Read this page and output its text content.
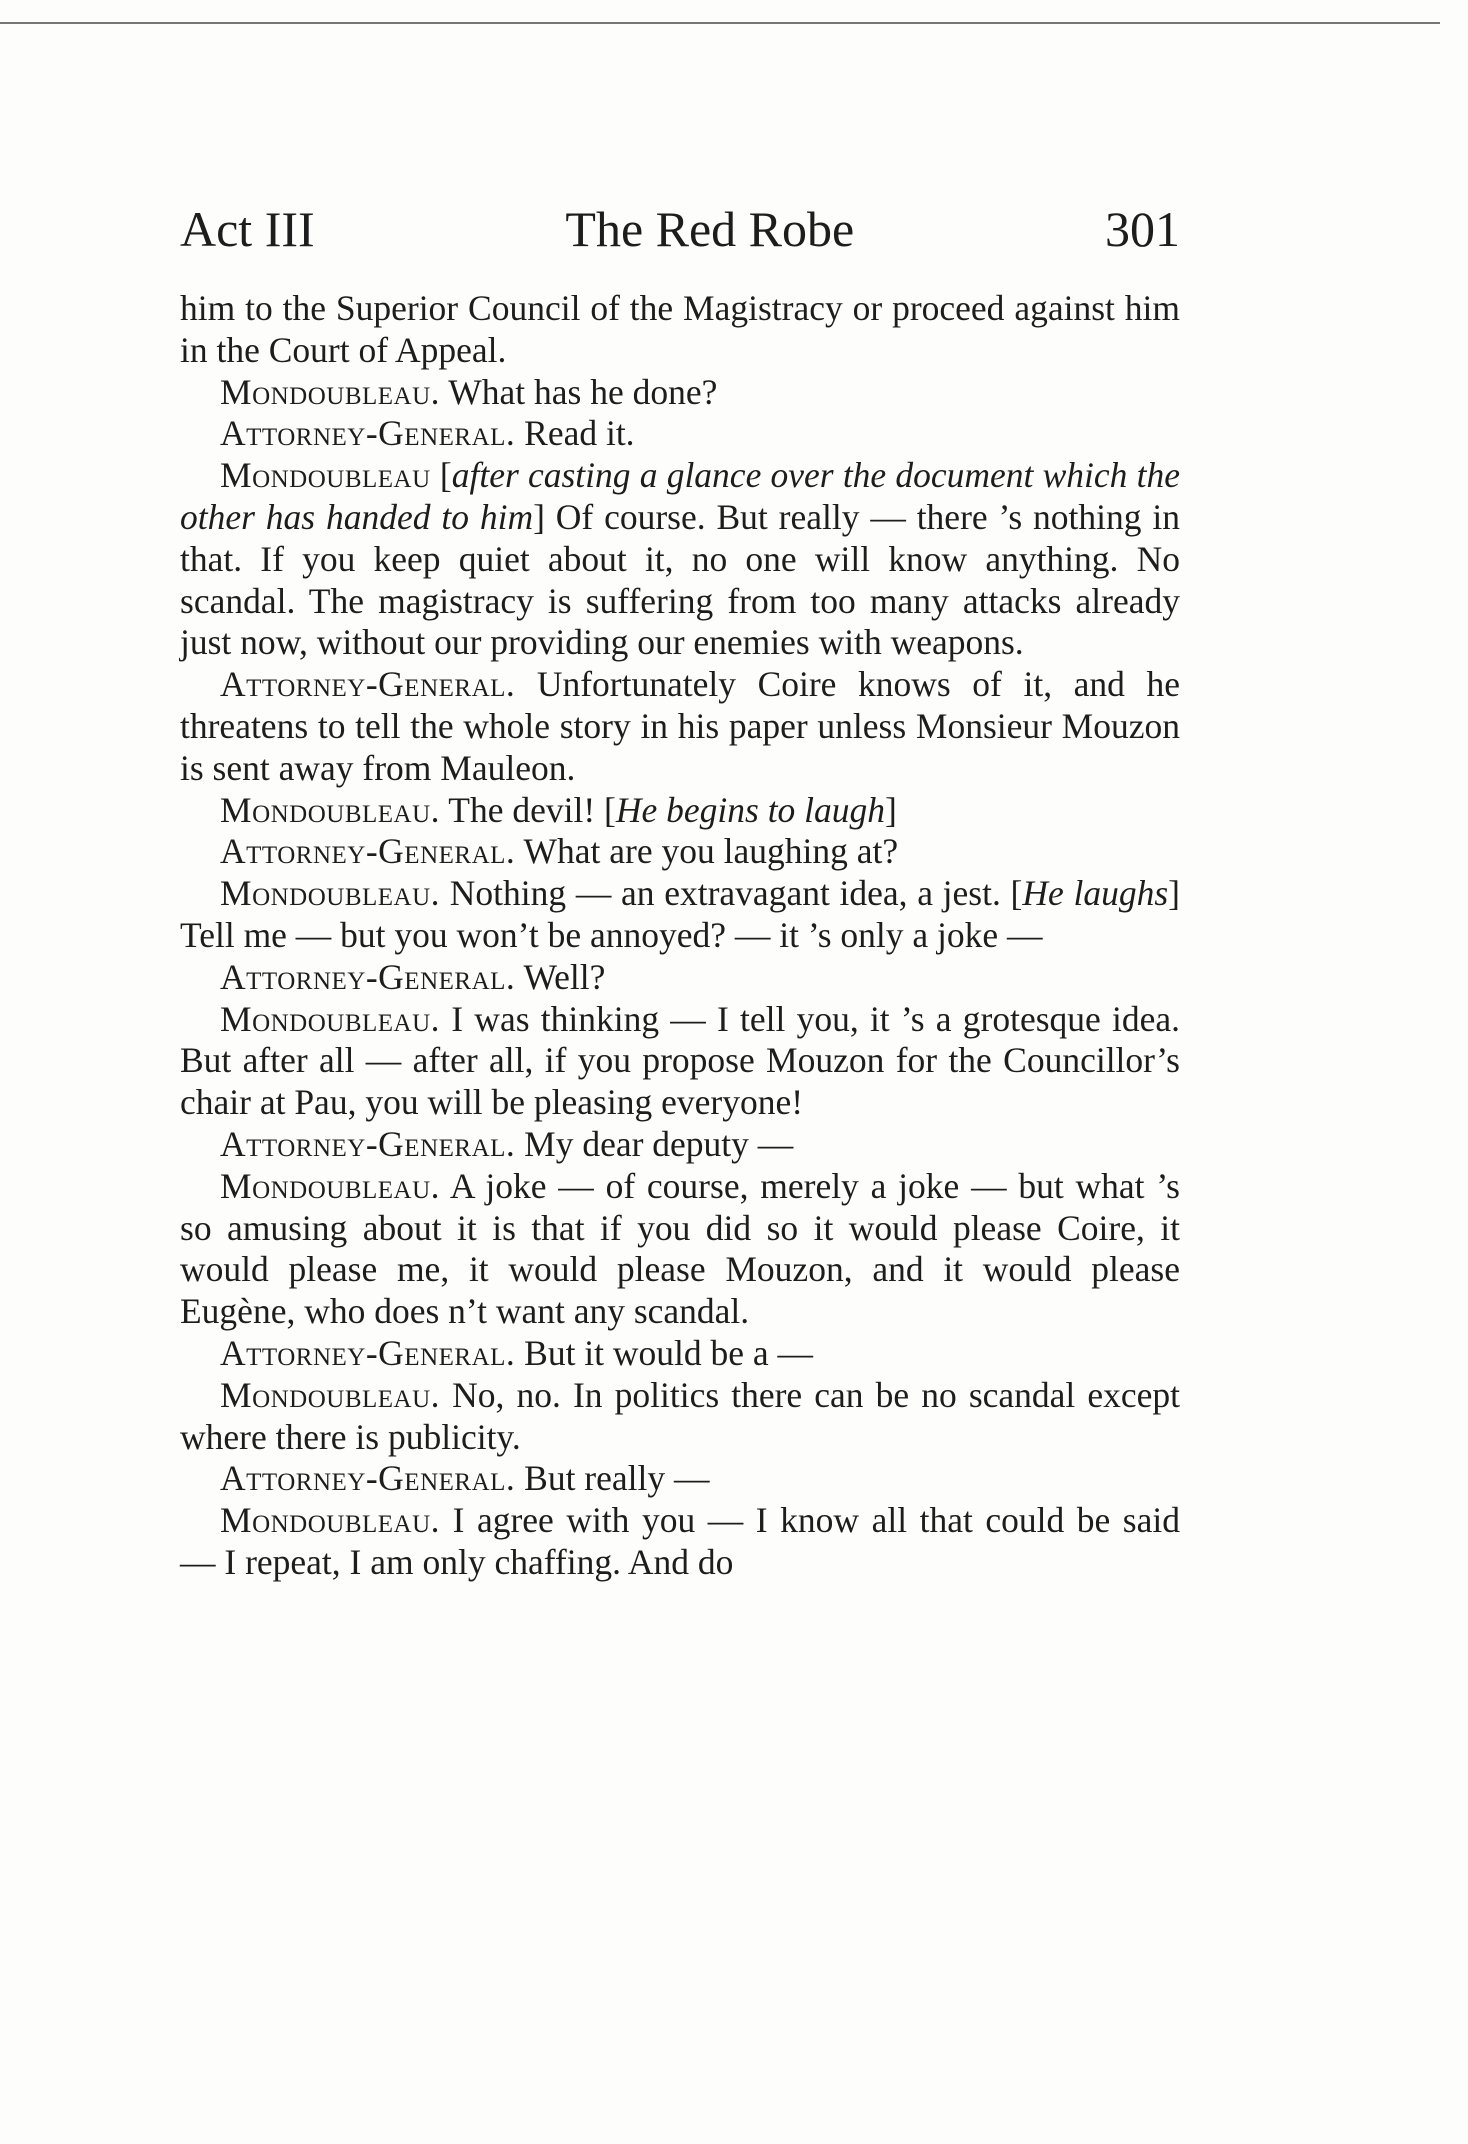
Act III	The Red Robe	301

him to the Superior Council of the Magistracy or proceed against him in the Court of Appeal.

Mondoubleau. What has he done?

Attorney-General. Read it.

Mondoubleau [after casting a glance over the document which the other has handed to him] Of course. But really — there ’s nothing in that. If you keep quiet about it, no one will know anything. No scandal. The magistracy is suffering from too many attacks already just now, without our providing our enemies with weapons.

Attorney-General. Unfortunately Coire knows of it, and he threatens to tell the whole story in his paper unless Monsieur Mouzon is sent away from Mauleon.

Mondoubleau. The devil! [He begins to laugh]

Attorney-General. What are you laughing at?

Mondoubleau. Nothing — an extravagant idea, a jest. [He laughs] Tell me — but you won’t be annoyed? — it ’s only a joke —

Attorney-General. Well?

Mondoubleau. I was thinking — I tell you, it ’s a grotesque idea. But after all — after all, if you propose Mouzon for the Councillor’s chair at Pau, you will be pleasing everyone!

Attorney-General. My dear deputy —

Mondoubleau. A joke — of course, merely a joke — but what ’s so amusing about it is that if you did so it would please Coire, it would please me, it would please Mouzon, and it would please Eugène, who does n’t want any scandal.

Attorney-General. But it would be a —

Mondoubleau. No, no. In politics there can be no scandal except where there is publicity.

Attorney-General. But really —

Mondoubleau. I agree with you — I know all that could be said — I repeat, I am only chaffing. And do
